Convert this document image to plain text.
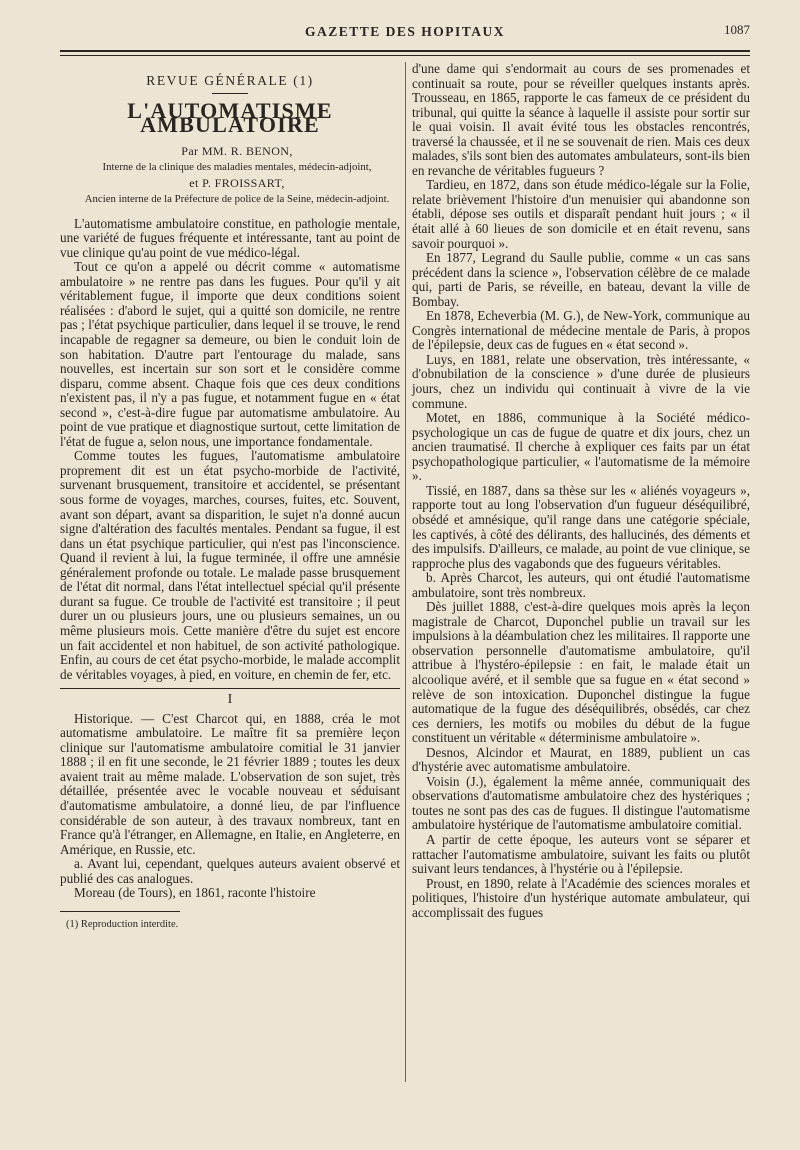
GAZETTE DES HOPITAUX	1087
REVUE GÉNÉRALE (1)
L'AUTOMATISME AMBULATOIRE

Par MM. R. BENON,

Interne de la clinique des maladies mentales, médecin-adjoint,

et P. FROISSART,

Ancien interne de la Préfecture de police de la Seine, médecin-adjoint.

L'automatisme ambulatoire constitue, en pathologie mentale, une variété de fugues fréquente et intéressante, tant au point de vue clinique qu'au point de vue médico-légal.

Tout ce qu'on a appelé ou décrit comme « automatisme ambulatoire » ne rentre pas dans les fugues. Pour qu'il y ait véritablement fugue, il importe que deux conditions soient réalisées : d'abord le sujet, qui a quitté son domicile, ne rentre pas ; l'état psychique particulier, dans lequel il se trouve, le rend incapable de regagner sa demeure, ou bien le conduit loin de son habitation. D'autre part l'entourage du malade, sans nouvelles, est incertain sur son sort et le considère comme disparu, comme absent. Chaque fois que ces deux conditions n'existent pas, il n'y a pas fugue, et notamment fugue en « état second », c'est-à-dire fugue par automatisme ambulatoire. Au point de vue pratique et diagnostique surtout, cette limitation de l'état de fugue a, selon nous, une importance fondamentale.

Comme toutes les fugues, l'automatisme ambulatoire proprement dit est un état psycho-morbide de l'activité, survenant brusquement, transitoire et accidentel, se présentant sous forme de voyages, marches, courses, fuites, etc. Souvent, avant son départ, avant sa disparition, le sujet n'a donné aucun signe d'altération des facultés mentales. Pendant sa fugue, il est dans un état psychique particulier, qui n'est pas l'inconscience. Quand il revient à lui, la fugue terminée, il offre une amnésie généralement profonde ou totale. Le malade passe brusquement de l'état dit normal, dans l'état intellectuel spécial qu'il présente durant sa fugue. Ce trouble de l'activité est transitoire ; il peut durer un ou plusieurs jours, une ou plusieurs semaines, un ou même plusieurs mois. Cette manière d'être du sujet est encore un fait accidentel et non habituel, de son activité pathologique. Enfin, au cours de cet état psycho-morbide, le malade accomplit de véritables voyages, à pied, en voiture, en chemin de fer, etc.

I

Historique. — C'est Charcot qui, en 1888, créa le mot automatisme ambulatoire. Le maître fit sa première leçon clinique sur l'automatisme ambulatoire comitial le 31 janvier 1888 ; il en fit une seconde, le 21 février 1889 ; toutes les deux avaient trait au même malade. L'observation de son sujet, très détaillée, présentée avec le vocable nouveau et séduisant d'automatisme ambulatoire, a donné lieu, de par l'influence considérable de son auteur, à des travaux nombreux, tant en France qu'à l'étranger, en Allemagne, en Italie, en Angleterre, en Amérique, en Russie, etc.

a. Avant lui, cependant, quelques auteurs avaient observé et publié des cas analogues.

Moreau (de Tours), en 1861, raconte l'histoire

(1) Reproduction interdite.

d'une dame qui s'endormait au cours de ses promenades et continuait sa route, pour se réveiller quelques instants après. Trousseau, en 1865, rapporte le cas fameux de ce président du tribunal, qui quitte la séance à laquelle il assiste pour sortir sur le quai voisin. Il avait évité tous les obstacles rencontrés, traversé la chaussée, et il ne se souvenait de rien. Mais ces deux malades, s'ils sont bien des automates ambulateurs, sont-ils bien en revanche de véritables fugueurs ?

Tardieu, en 1872, dans son étude médico-légale sur la Folie, relate brièvement l'histoire d'un menuisier qui abandonne son établi, dépose ses outils et disparaît pendant huit jours ; « il était allé à 60 lieues de son domicile et en était revenu, sans savoir pourquoi ».

En 1877, Legrand du Saulle publie, comme « un cas sans précédent dans la science », l'observation célèbre de ce malade qui, parti de Paris, se réveille, en bateau, devant la ville de Bombay.

En 1878, Echeverbia (M. G.), de New-York, communique au Congrès international de médecine mentale de Paris, à propos de l'épilepsie, deux cas de fugues en « état second ».

Luys, en 1881, relate une observation, très intéressante, « d'obnubilation de la conscience » d'une durée de plusieurs jours, chez un individu qui continuait à vivre de la vie commune.

Motet, en 1886, communique à la Société médico-psychologique un cas de fugue de quatre et dix jours, chez un ancien traumatisé. Il cherche à expliquer ces faits par un état psychopathologique particulier, « l'automatisme de la mémoire ».

Tissié, en 1887, dans sa thèse sur les « aliénés voyageurs », rapporte tout au long l'observation d'un fugueur déséquilibré, obsédé et amnésique, qu'il range dans une catégorie spéciale, les captivés, à côté des délirants, des hallucinés, des déments et des impulsifs. D'ailleurs, ce malade, au point de vue clinique, se rapproche plus des vagabonds que des fugueurs véritables.

b. Après Charcot, les auteurs, qui ont étudié l'automatisme ambulatoire, sont très nombreux.

Dès juillet 1888, c'est-à-dire quelques mois après la leçon magistrale de Charcot, Duponchel publie un travail sur les impulsions à la déambulation chez les militaires. Il rapporte une observation personnelle d'automatisme ambulatoire, qu'il attribue à l'hystéro-épilepsie : en fait, le malade était un alcoolique avéré, et il semble que sa fugue en « état second » relève de son intoxication. Duponchel distingue la fugue automatique de la fugue des déséquilibrés, obsédés, car chez ces derniers, les motifs ou mobiles du début de la fugue constituent un véritable « déterminisme ambulatoire ».

Desnos, Alcindor et Maurat, en 1889, publient un cas d'hystérie avec automatisme ambulatoire.

Voisin (J.), également la même année, communiquait des observations d'automatisme ambulatoire chez des hystériques ; toutes ne sont pas des cas de fugues. Il distingue l'automatisme ambulatoire hystérique de l'automatisme ambulatoire comitial.

A partir de cette époque, les auteurs vont se séparer et rattacher l'automatisme ambulatoire, suivant les faits ou plutôt suivant leurs tendances, à l'hystérie ou à l'épilepsie.

Proust, en 1890, relate à l'Académie des sciences morales et politiques, l'histoire d'un hystérique automate ambulateur, qui accomplissait des fugues
